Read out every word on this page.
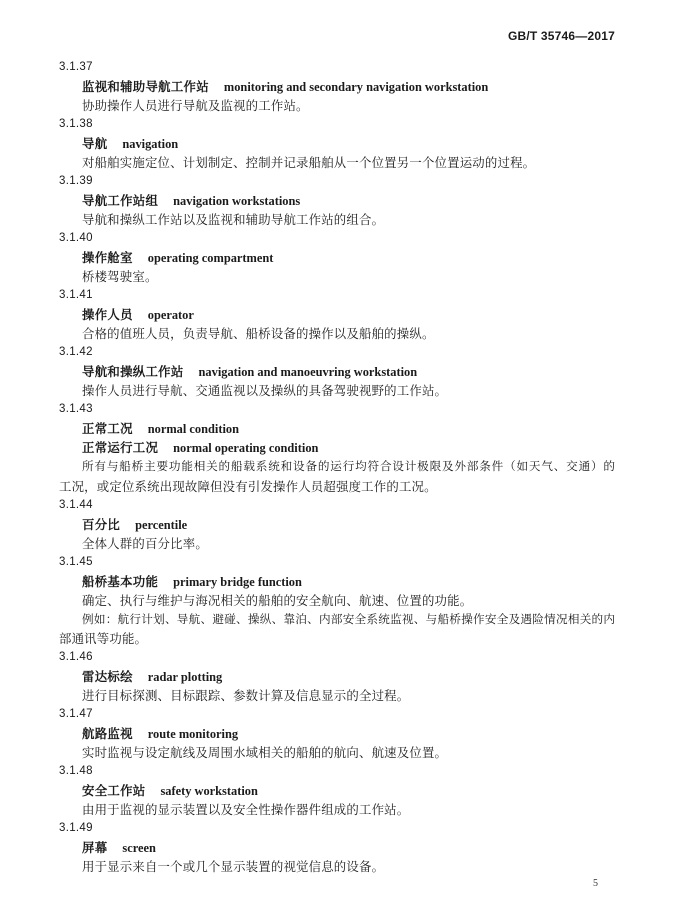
GB/T 35746—2017
3.1.37
监视和辅助导航工作站 monitoring and secondary navigation workstation
协助操作人员进行导航及监视的工作站。
3.1.38
导航 navigation
对船舶实施定位、计划制定、控制并记录船舶从一个位置另一个位置运动的过程。
3.1.39
导航工作站组 navigation workstations
导航和操纵工作站以及监视和辅助导航工作站的组合。
3.1.40
操作舱室 operating compartment
桥楼驾驶室。
3.1.41
操作人员 operator
合格的值班人员，负责导航、船桥设备的操作以及船舶的操纵。
3.1.42
导航和操纵工作站 navigation and manoeuvring workstation
操作人员进行导航、交通监视以及操纵的具备驾驶视野的工作站。
3.1.43
正常工况 normal condition
正常运行工况 normal operating condition
所有与船桥主要功能相关的船载系统和设备的运行均符合设计极限及外部条件（如天气、交通）的
工况，或定位系统出现故障但没有引发操作人员超强度工作的工况。
3.1.44
百分比 percentile
全体人群的百分比率。
3.1.45
船桥基本功能 primary bridge function
确定、执行与维护与海况相关的船舶的安全航向、航速、位置的功能。
例如：航行计划、导航、避碰、操纵、靠泊、内部安全系统监视、与船桥操作安全及遇险情况相关的内
部通讯等功能。
3.1.46
雷达标绘 radar plotting
进行目标探测、目标跟踪、参数计算及信息显示的全过程。
3.1.47
航路监视 route monitoring
实时监视与设定航线及周围水域相关的船舶的航向、航速及位置。
3.1.48
安全工作站 safety workstation
由用于监视的显示装置以及安全性操作器件组成的工作站。
3.1.49
屏幕 screen
用于显示来自一个或几个显示装置的视觉信息的设备。
5
